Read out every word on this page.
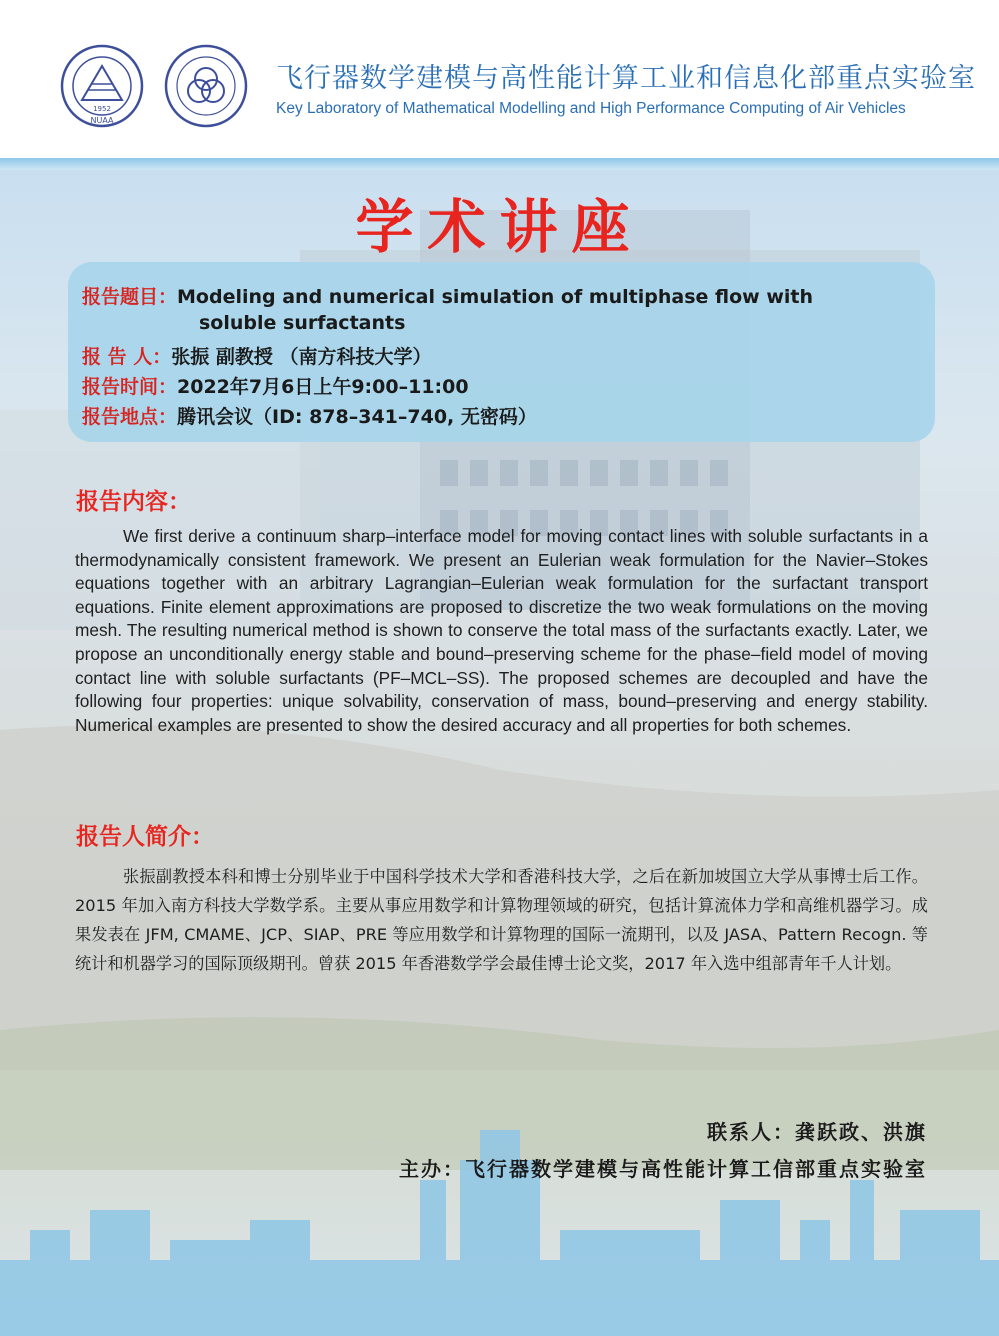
1952
NUAA
飞行器数学建模与高性能计算工业和信息化部重点实验室
Key Laboratory of Mathematical Modelling and High Performance Computing of Air Vehicles
学术讲座
报告题目：Modeling and numerical simulation of multiphase flow with
soluble surfactants
报 告 人：张振 副教授 （南方科技大学）
报告时间：2022年7月6日上午9:00–11:00
报告地点：腾讯会议（ID: 878–341–740, 无密码）
报告内容：

We first derive a continuum sharp–interface model for moving contact lines with soluble surfactants in a thermodynamically consistent framework. We present an Eulerian weak formulation for the Navier–Stokes equations together with an arbitrary Lagrangian–Eulerian weak formulation for the surfactant transport equations. Finite element approximations are proposed to discretize the two weak formulations on the moving mesh. The resulting numerical method is shown to conserve the total mass of the surfactants exactly. Later, we propose an unconditionally energy stable and bound–preserving scheme for the phase–field model of moving contact line with soluble surfactants (PF–MCL–SS). The proposed schemes are decoupled and have the following four properties: unique solvability, conservation of mass, bound–preserving and energy stability. Numerical examples are presented to show the desired accuracy and all properties for both schemes.

报告人简介：

张振副教授本科和博士分别毕业于中国科学技术大学和香港科技大学，之后在新加坡国立大学从事博士后工作。2015 年加入南方科技大学数学系。主要从事应用数学和计算物理领域的研究，包括计算流体力学和高维机器学习。成果发表在 JFM, CMAME、JCP、SIAP、PRE 等应用数学和计算物理的国际一流期刊，以及 JASA、Pattern Recogn. 等统计和机器学习的国际顶级期刊。曾获 2015 年香港数学学会最佳博士论文奖，2017 年入选中组部青年千人计划。

联系人：龚跃政、洪旗
主办：飞行器数学建模与高性能计算工信部重点实验室
